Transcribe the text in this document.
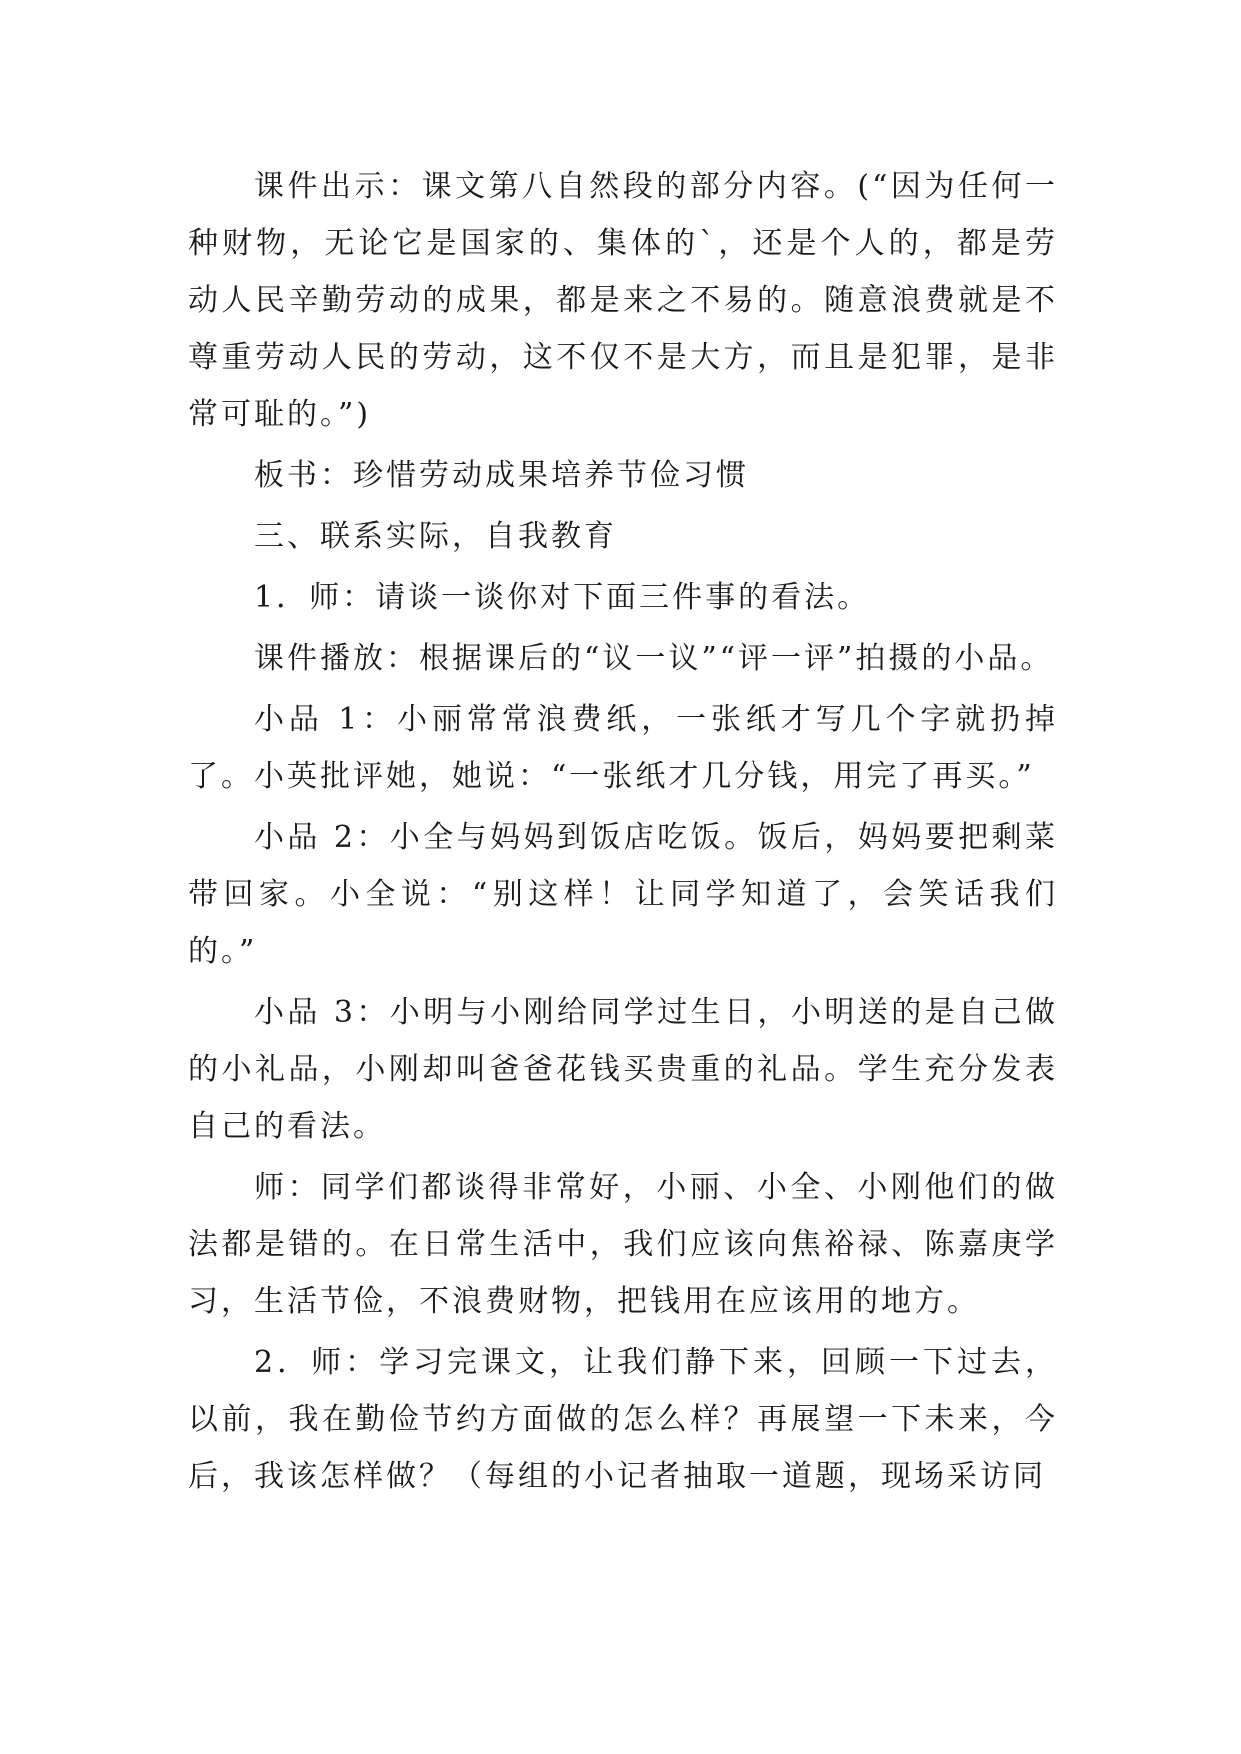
课件出示：课文第八自然段的部分内容。(“因为任何一种财物，无论它是国家的、集体的`，还是个人的，都是劳动人民辛勤劳动的成果，都是来之不易的。随意浪费就是不尊重劳动人民的劳动，这不仅不是大方，而且是犯罪，是非常可耻的。”)

板书：珍惜劳动成果培养节俭习惯

三、联系实际，自我教育

1．师：请谈一谈你对下面三件事的看法。

课件播放：根据课后的“议一议”“评一评”拍摄的小品。

小品 1：小丽常常浪费纸，一张纸才写几个字就扔掉了。小英批评她，她说：“一张纸才几分钱，用完了再买。”

小品 2：小全与妈妈到饭店吃饭。饭后，妈妈要把剩菜带回家。小全说：“别这样！让同学知道了，会笑话我们的。”

小品 3：小明与小刚给同学过生日，小明送的是自己做的小礼品，小刚却叫爸爸花钱买贵重的礼品。学生充分发表自己的看法。

师：同学们都谈得非常好，小丽、小全、小刚他们的做法都是错的。在日常生活中，我们应该向焦裕禄、陈嘉庚学习，生活节俭，不浪费财物，把钱用在应该用的地方。

2．师：学习完课文，让我们静下来，回顾一下过去，以前，我在勤俭节约方面做的怎么样？再展望一下未来，今后，我该怎样做？（每组的小记者抽取一道题，现场采访同
